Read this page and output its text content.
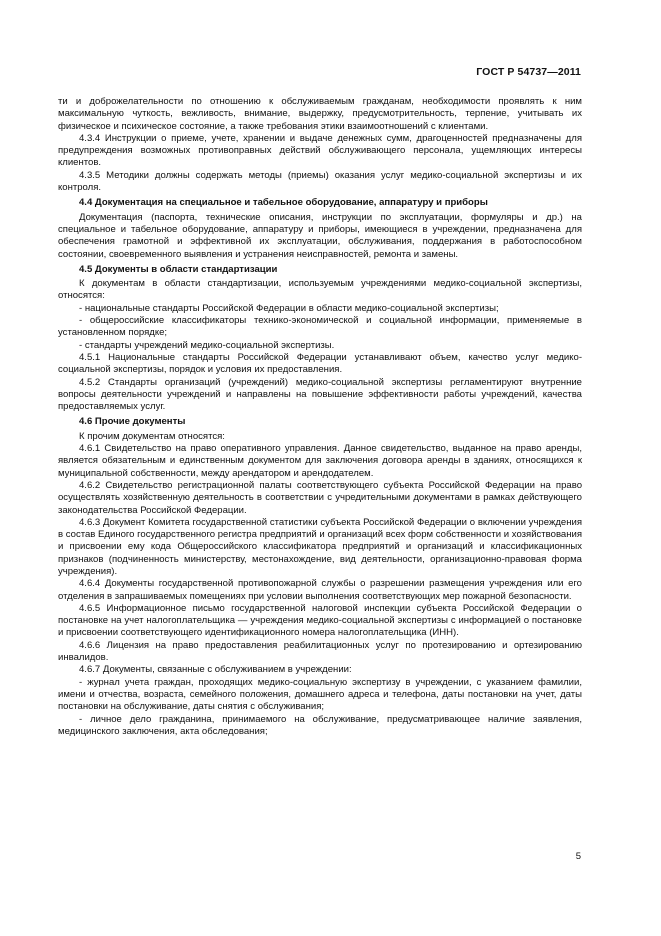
ГОСТ Р 54737—2011

ти и доброжелательности по отношению к обслуживаемым гражданам, необходимости проявлять к ним максимальную чуткость, вежливость, внимание, выдержку, предусмотрительность, терпение, учитывать их физическое и психическое состояние, а также требования этики взаимоотношений с клиентами.

4.3.4 Инструкции о приеме, учете, хранении и выдаче денежных сумм, драгоценностей предназначены для предупреждения возможных противоправных действий обслуживающего персонала, ущемляющих интересы клиентов.

4.3.5 Методики должны содержать методы (приемы) оказания услуг медико-социальной экспертизы и их контроля.

4.4 Документация на специальное и табельное оборудование, аппаратуру и приборы

Документация (паспорта, технические описания, инструкции по эксплуатации, формуляры и др.) на специальное и табельное оборудование, аппаратуру и приборы, имеющиеся в учреждении, предназначена для обеспечения грамотной и эффективной их эксплуатации, обслуживания, поддержания в работоспособном состоянии, своевременного выявления и устранения неисправностей, ремонта и замены.

4.5 Документы в области стандартизации

К документам в области стандартизации, используемым учреждениями медико-социальной экспертизы, относятся:

- национальные стандарты Российской Федерации в области медико-социальной экспертизы;

- общероссийские классификаторы технико-экономической и социальной информации, применяемые в установленном порядке;

- стандарты учреждений медико-социальной экспертизы.

4.5.1 Национальные стандарты Российской Федерации устанавливают объем, качество услуг медико-социальной экспертизы, порядок и условия их предоставления.

4.5.2 Стандарты организаций (учреждений) медико-социальной экспертизы регламентируют внутренние вопросы деятельности учреждений и направлены на повышение эффективности работы учреждений, качества предоставляемых услуг.

4.6 Прочие документы

К прочим документам относятся:

4.6.1 Свидетельство на право оперативного управления. Данное свидетельство, выданное на право аренды, является обязательным и единственным документом для заключения договора аренды в зданиях, относящихся к муниципальной собственности, между арендатором и арендодателем.

4.6.2 Свидетельство регистрационной палаты соответствующего субъекта Российской Федерации на право осуществлять хозяйственную деятельность в соответствии с учредительными документами в рамках действующего законодательства Российской Федерации.

4.6.3 Документ Комитета государственной статистики субъекта Российской Федерации о включении учреждения в состав Единого государственного регистра предприятий и организаций всех форм собственности и хозяйствования и присвоении ему кода Общероссийского классификатора предприятий и организаций и классификационных признаков (подчиненность министерству, местонахождение, вид деятельности, организационно-правовая форма учреждения).

4.6.4 Документы государственной противопожарной службы о разрешении размещения учреждения или его отделения в запрашиваемых помещениях при условии выполнения соответствующих мер пожарной безопасности.

4.6.5 Информационное письмо государственной налоговой инспекции субъекта Российской Федерации о постановке на учет налогоплательщика — учреждения медико-социальной экспертизы с информацией о постановке и присвоении соответствующего идентификационного номера налогоплательщика (ИНН).

4.6.6 Лицензия на право предоставления реабилитационных услуг по протезированию и ортезированию инвалидов.

4.6.7 Документы, связанные с обслуживанием в учреждении:

- журнал учета граждан, проходящих медико-социальную экспертизу в учреждении, с указанием фамилии, имени и отчества, возраста, семейного положения, домашнего адреса и телефона, даты постановки на учет, даты постановки на обслуживание, даты снятия с обслуживания;

- личное дело гражданина, принимаемого на обслуживание, предусматривающее наличие заявления, медицинского заключения, акта обследования;

5
